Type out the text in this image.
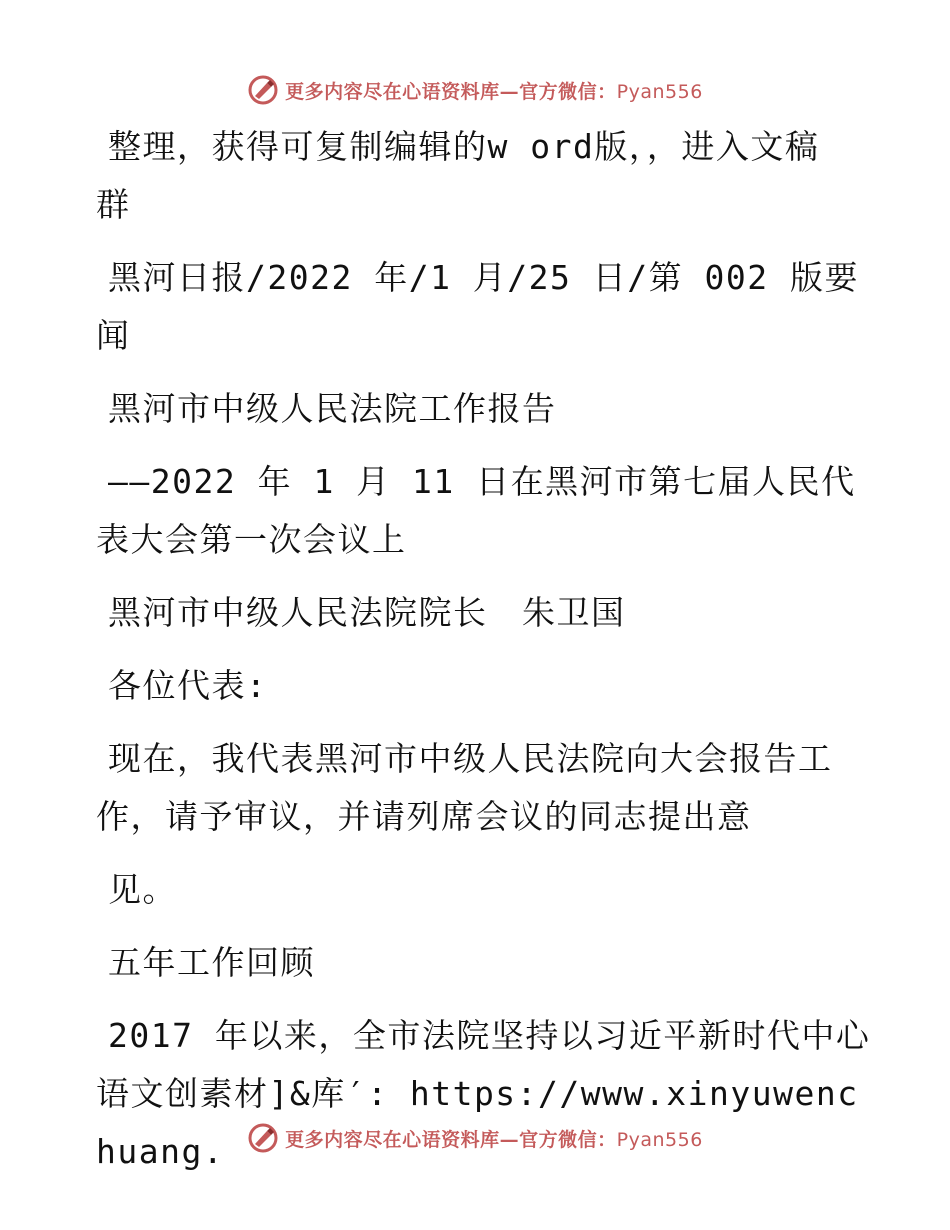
更多内容尽在心语资料库—官方微信：Pyan556

整理，获得可复制编辑的w ord版，，进入文稿
群

黑河日报/2022 年/1 月/25 日/第 002 版要闻

黑河市中级人民法院工作报告

——2022 年 1 月 11 日在黑河市第七届人民代
表大会第一次会议上

黑河市中级人民法院院长　朱卫国

各位代表:

现在，我代表黑河市中级人民法院向大会报告工
作，请予审议，并请列席会议的同志提出意

见。

五年工作回顾

2017 年以来，全市法院坚持以习近平新时代中心
语文创素材]&库′: https://www.xinyuwenchuang.	更多内容尽在心语资料库—官方微信：Pyan556
